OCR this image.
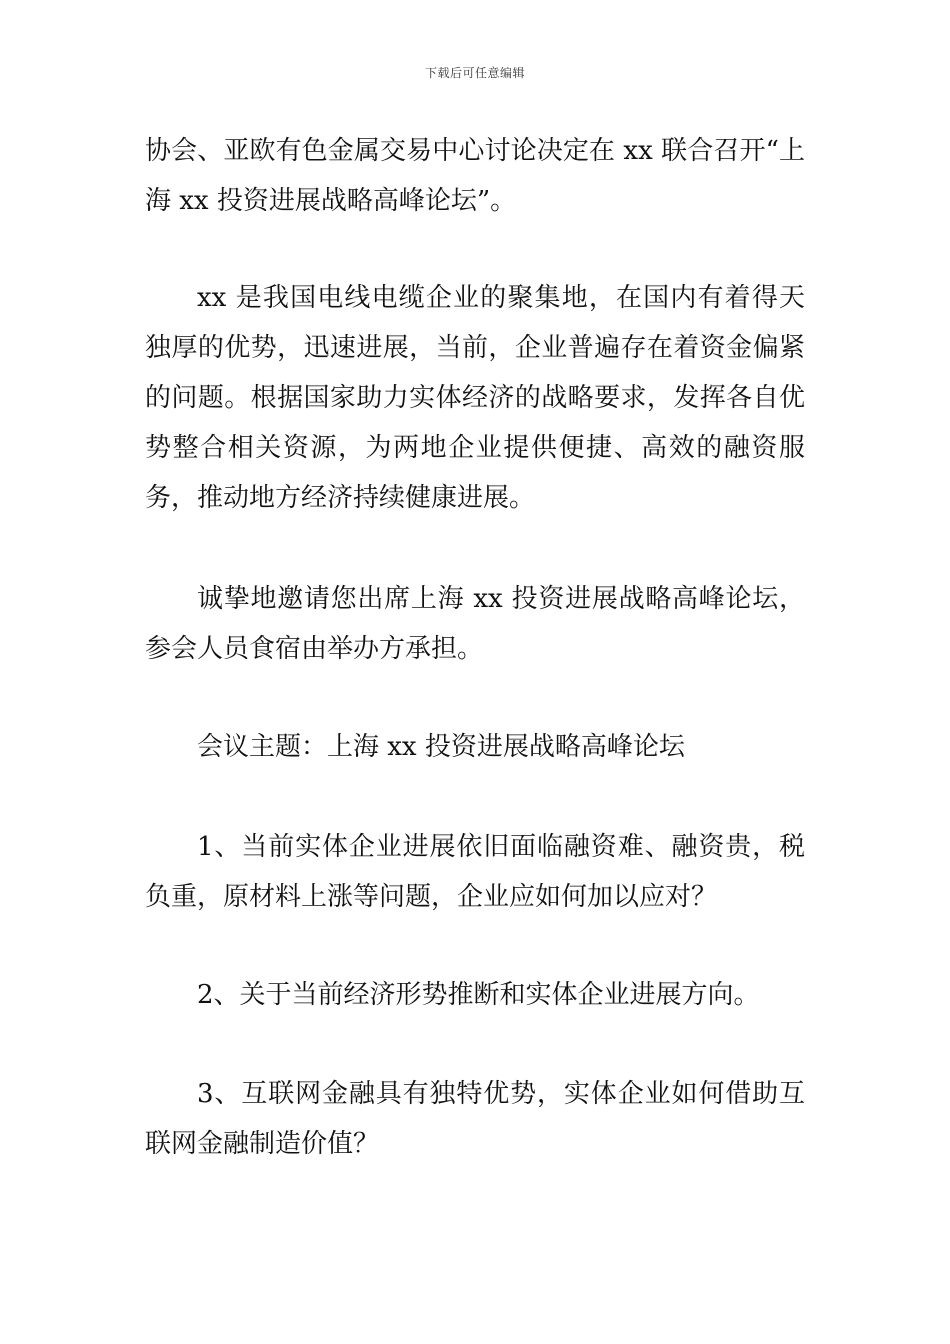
下载后可任意编辑

协会、亚欧有色金属交易中心讨论决定在 xx 联合召开“上海 xx 投资进展战略高峰论坛”。

xx 是我国电线电缆企业的聚集地，在国内有着得天独厚的优势，迅速进展，当前，企业普遍存在着资金偏紧的问题。根据国家助力实体经济的战略要求，发挥各自优势整合相关资源，为两地企业提供便捷、高效的融资服务，推动地方经济持续健康进展。

诚挚地邀请您出席上海 xx 投资进展战略高峰论坛，参会人员食宿由举办方承担。

会议主题：上海 xx 投资进展战略高峰论坛

1、当前实体企业进展依旧面临融资难、融资贵，税负重，原材料上涨等问题，企业应如何加以应对？

2、关于当前经济形势推断和实体企业进展方向。

3、互联网金融具有独特优势，实体企业如何借助互联网金融制造价值？
